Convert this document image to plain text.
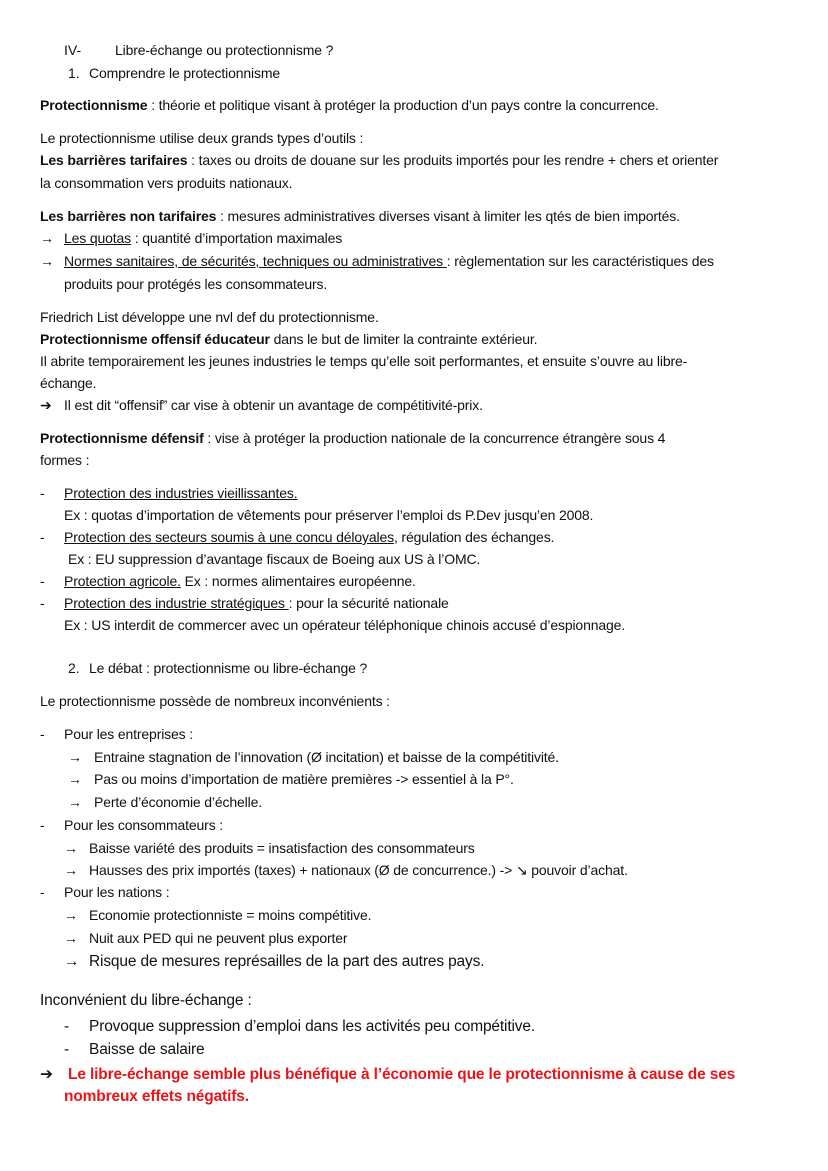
IV- Libre-échange ou protectionnisme ?
1. Comprendre le protectionnisme
Protectionnisme : théorie et politique visant à protéger la production d’un pays contre la concurrence.
Le protectionnisme utilise deux grands types d’outils :
Les barrières tarifaires : taxes ou droits de douane sur les produits importés pour les rendre + chers et orienter
la consommation vers produits nationaux.
Les barrières non tarifaires : mesures administratives diverses visant à limiter les qtés de bien importés.
→ Les quotas : quantité d’importation maximales
→ Normes sanitaires, de sécurités, techniques ou administratives : règlementation sur les caractéristiques des
produits pour protégés les consommateurs.
Friedrich List développe une nvl def du protectionnisme.
Protectionnisme offensif éducateur dans le but de limiter la contrainte extérieur.
Il abrite temporairement les jeunes industries le temps qu’elle soit performantes, et ensuite s’ouvre au libre-
échange.
➔ Il est dit “offensif” car vise à obtenir un avantage de compétitivité-prix.
Protectionnisme défensif : vise à protéger la production nationale de la concurrence étrangère sous 4
formes :
- Protection des industries vieillissantes.
Ex : quotas d’importation de vêtements pour préserver l’emploi ds P.Dev jusqu’en 2008.
- Protection des secteurs soumis à une concu déloyales, régulation des échanges.
Ex : EU suppression d’avantage fiscaux de Boeing aux US à l’OMC.
- Protection agricole. Ex : normes alimentaires européenne.
- Protection des industrie stratégiques : pour la sécurité nationale
Ex : US interdit de commercer avec un opérateur téléphonique chinois accusé d’espionnage.
2. Le débat : protectionnisme ou libre-échange ?
Le protectionnisme possède de nombreux inconvénients :
- Pour les entreprises :
→ Entraine stagnation de l’innovation (Ø incitation) et baisse de la compétitivité.
→ Pas ou moins d’importation de matière premières -> essentiel à la P°.
→ Perte d’économie d’échelle.
- Pour les consommateurs :
→ Baisse variété des produits = insatisfaction des consommateurs
→ Hausses des prix importés (taxes) + nationaux (Ø de concurrence.) -> ↘ pouvoir d’achat.
- Pour les nations :
→ Economie protectionniste = moins compétitive.
→ Nuit aux PED qui ne peuvent plus exporter
→ Risque de mesures représailles de la part des autres pays.
Inconvénient du libre-échange :
- Provoque suppression d’emploi dans les activités peu compétitive.
- Baisse de salaire
➔ Le libre-échange semble plus bénéfique à l’économie que le protectionnisme à cause de ses
nombreux effets négatifs.
